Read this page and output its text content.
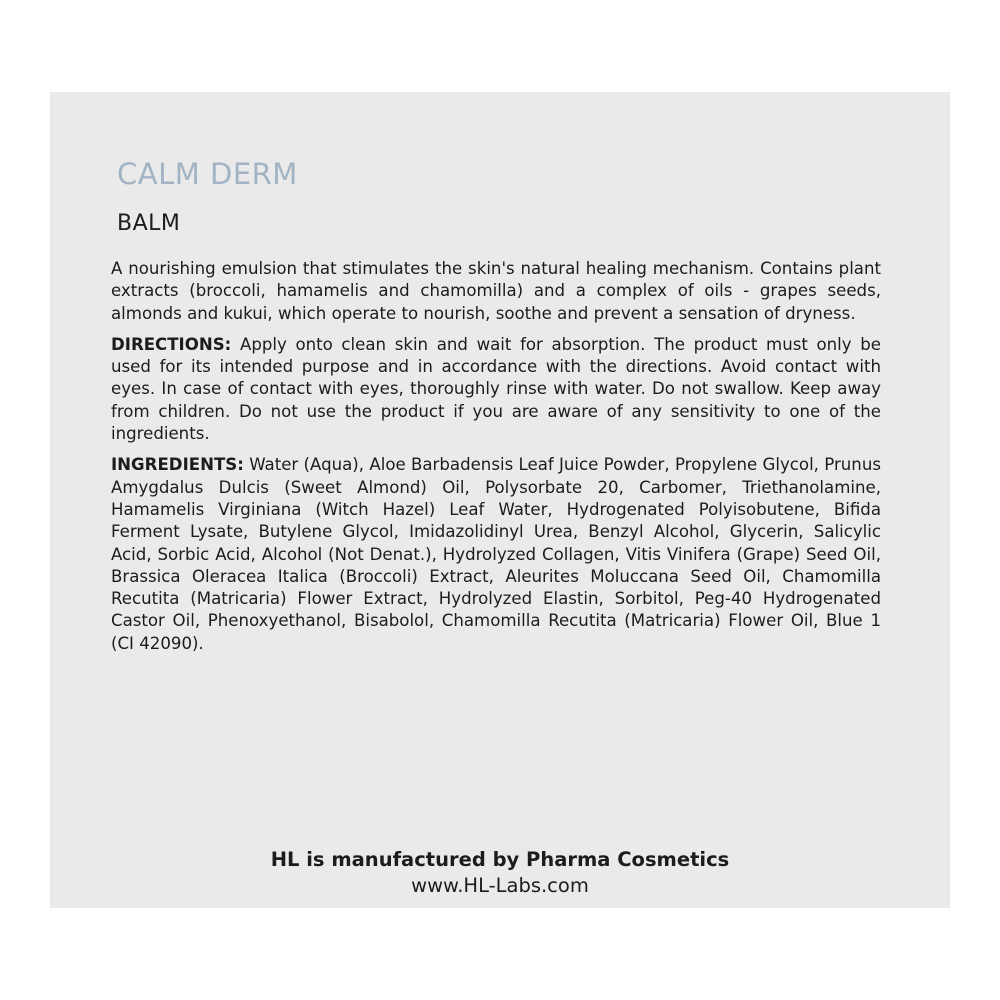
CALM DERM
BALM

A nourishing emulsion that stimulates the skin's natural healing mechanism. Contains plant extracts (broccoli, hamamelis and chamomilla) and a complex of oils - grapes seeds, almonds and kukui, which operate to nourish, soothe and prevent a sensation of dryness.

DIRECTIONS: Apply onto clean skin and wait for absorption. The product must only be used for its intended purpose and in accordance with the directions. Avoid contact with eyes. In case of contact with eyes, thoroughly rinse with water. Do not swallow. Keep away from children. Do not use the product if you are aware of any sensitivity to one of the ingredients.

INGREDIENTS: Water (Aqua), Aloe Barbadensis Leaf Juice Powder, Propylene Glycol, Prunus Amygdalus Dulcis (Sweet Almond) Oil, Polysorbate 20, Carbomer, Triethanolamine, Hamamelis Virginiana (Witch Hazel) Leaf Water, Hydrogenated Polyisobutene, Bifida Ferment Lysate, Butylene Glycol, Imidazolidinyl Urea, Benzyl Alcohol, Glycerin, Salicylic Acid, Sorbic Acid, Alcohol (Not Denat.), Hydrolyzed Collagen, Vitis Vinifera (Grape) Seed Oil, Brassica Oleracea Italica (Broccoli) Extract, Aleurites Moluccana Seed Oil, Chamomilla Recutita (Matricaria) Flower Extract, Hydrolyzed Elastin, Sorbitol, Peg-40 Hydrogenated Castor Oil, Phenoxyethanol, Bisabolol, Chamomilla Recutita (Matricaria) Flower Oil, Blue 1 (CI 42090).

HL is manufactured by Pharma Cosmetics
www.HL-Labs.com
